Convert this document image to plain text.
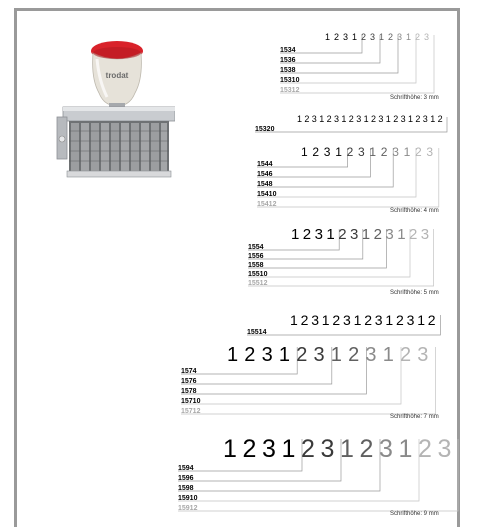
trodat
1534
1536
1538
15310
15312
1 2 3 1 2 3 1 2 3 1 2 3
Schrifthöhe: 3 mm
15320
1 2 3 1 2 3 1 2 3 1 2 3 1 2 3 1 2 3 1 2
1544
1546
1548
15410
15412
1 2 3 1 2 3 1 2 3 1 2 3
Schrifthöhe: 4 mm
1554
1556
1558
15510
15512
1 2 3 1 2 3 1 2 3 1 2 3
Schrifthöhe: 5 mm
15514
1 2 3 1 2 3 1 2 3 1 2 3 1 2
1574
1576
1578
15710
15712
1 2 3 1 2 3 1 2 3 1 2 3
Schrifthöhe: 7 mm
1594
1596
1598
15910
15912
1 2 3 1 2 3 1 2 3 1 2 3
Schrifthöhe: 9 mm
